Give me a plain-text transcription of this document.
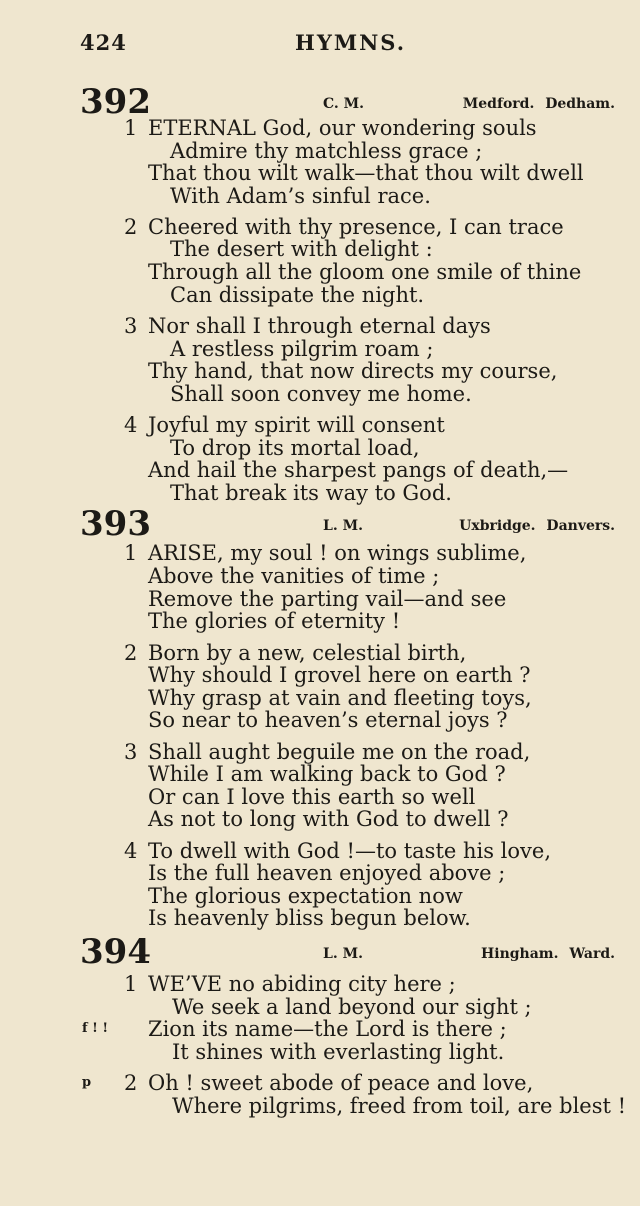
424	HYMNS.
392	C. M.	Medford. Dedham.
1 ETERNAL God, our wondering souls
Admire thy matchless grace ;
That thou wilt walk—that thou wilt dwell
With Adam’s sinful race.
2 Cheered with thy presence, I can trace
The desert with delight :
Through all the gloom one smile of thine
Can dissipate the night.
3 Nor shall I through eternal days
A restless pilgrim roam ;
Thy hand, that now directs my course,
Shall soon convey me home.
4 Joyful my spirit will consent
To drop its mortal load,
And hail the sharpest pangs of death,—
That break its way to God.
393	L. M.	Uxbridge. Danvers.
1 ARISE, my soul ! on wings sublime,
Above the vanities of time ;
Remove the parting vail—and see
The glories of eternity !
2 Born by a new, celestial birth,
Why should I grovel here on earth ?
Why grasp at vain and fleeting toys,
So near to heaven’s eternal joys ?
3 Shall aught beguile me on the road,
While I am walking back to God ?
Or can I love this earth so well
As not to long with God to dwell ?
4 To dwell with God !—to taste his love,
Is the full heaven enjoyed above ;
The glorious expectation now
Is heavenly bliss begun below.
394	L. M.	Hingham. Ward.
1 WE’VE no abiding city here ;
We seek a land beyond our sight ;
f ! ! Zion its name—the Lord is there ;
It shines with everlasting light.
p 2 Oh ! sweet abode of peace and love,
Where pilgrims, freed from toil, are blest !
